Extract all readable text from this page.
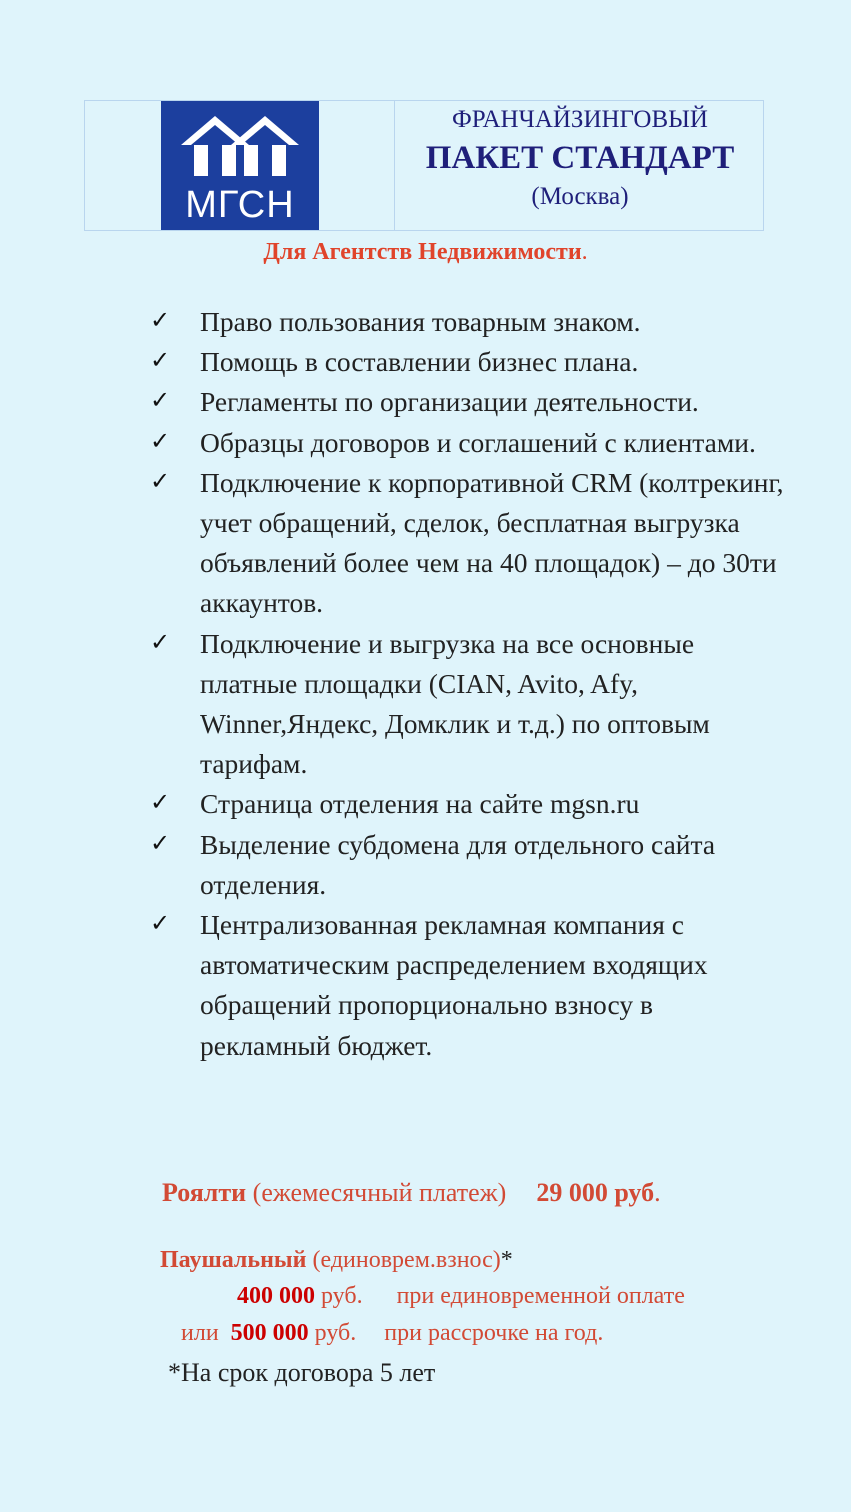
МГСН
ФРАНЧАЙЗИНГОВЫЙ
ПАКЕТ СТАНДАРТ
(Москва)
Для Агентств Недвижимости.
✓ Право пользования товарным знаком.
✓ Помощь в составлении бизнес плана.
✓ Регламенты по организации деятельности.
✓ Образцы договоров и соглашений с клиентами.
✓ Подключение к корпоративной CRM (колтрекинг, учет обращений, сделок, бесплатная выгрузка объявлений более чем на 40 площадок) – до 30ти аккаунтов.
✓ Подключение и выгрузка на все основные платные площадки (CIAN, Avito, Afy, Winner,Яндекс, Домклик и т.д.) по оптовым тарифам.
✓ Страница отделения на сайте mgsn.ru
✓ Выделение субдомена для отдельного сайта отделения.
✓ Централизованная рекламная компания с автоматическим распределением входящих обращений пропорционально взносу в рекламный бюджет.
Роялти (ежемесячный платеж) 29 000 руб.
Паушальный (единоврем.взнос)*
400 000 руб. при единовременной оплате
или 500 000 руб. при рассрочке на год.
*На срок договора 5 лет
